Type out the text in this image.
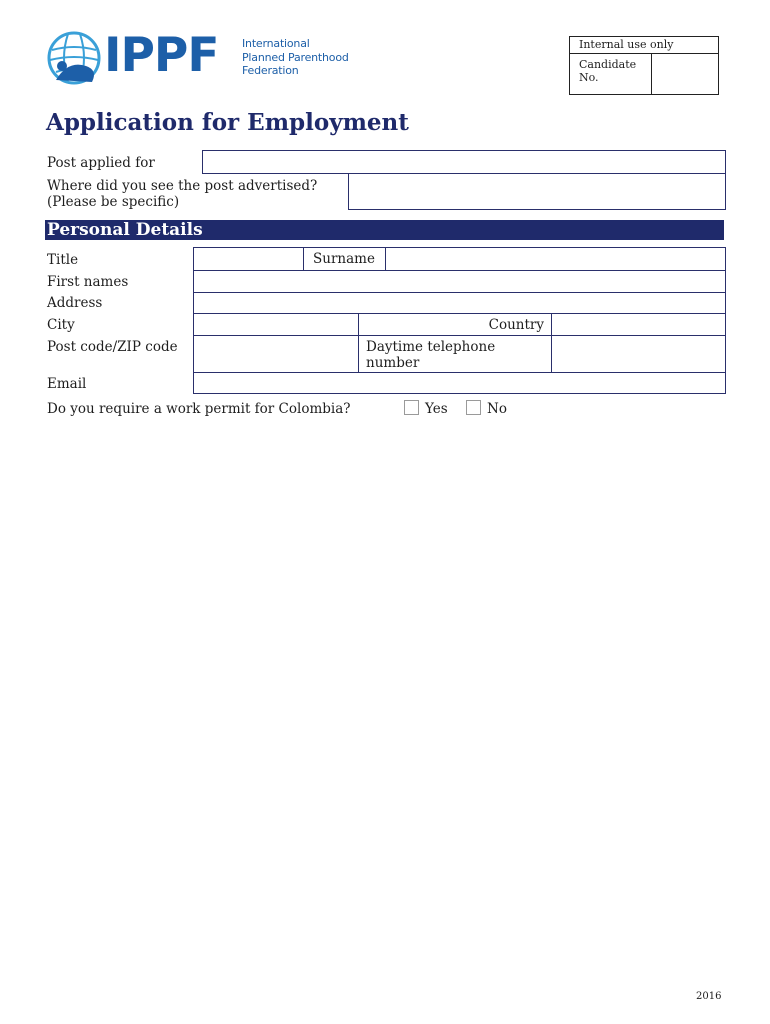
IPPF International
Planned Parenthood
Federation
Internal use only
Candidate
No.
Application for Employment
Post applied for
Where did you see the post advertised?
(Please be specific)
Personal Details
Title	Surname
First names
Address
City	Country
Post code/ZIP code	Daytime telephone
number
Email
Do you require a work permit for Colombia?	Yes	No
2016
